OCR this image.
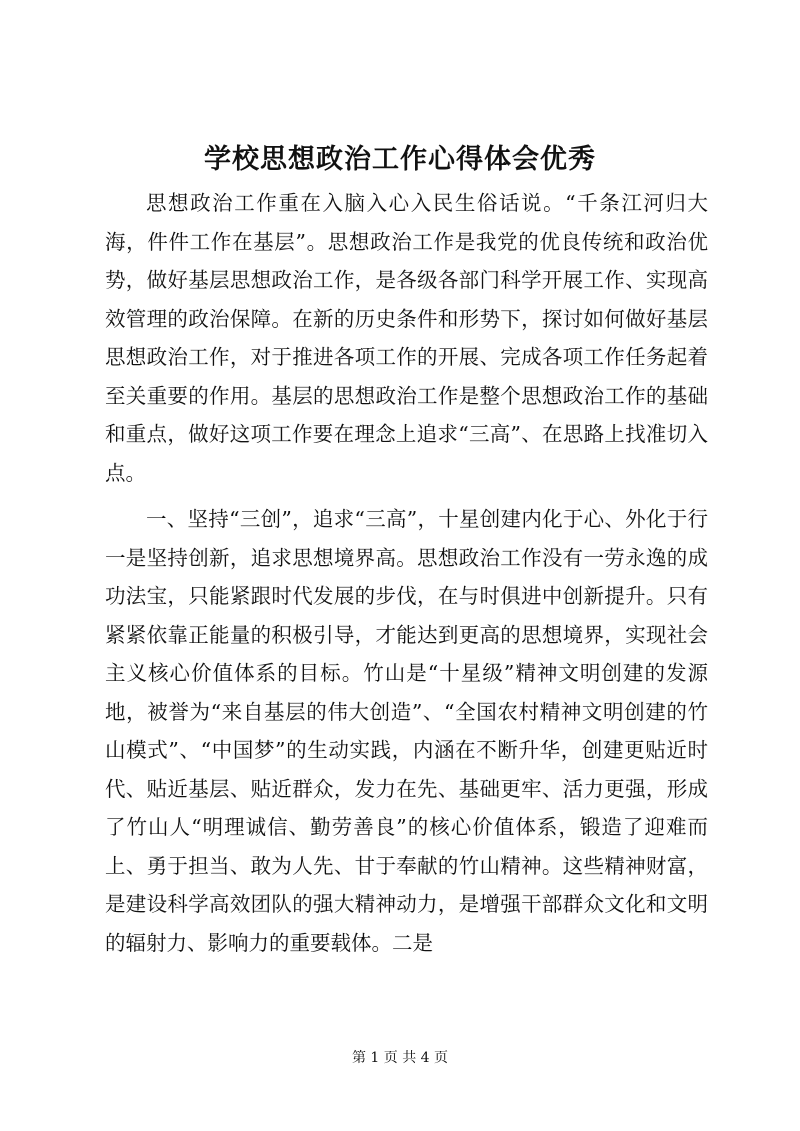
学校思想政治工作心得体会优秀

思想政治工作重在入脑入心入民生俗话说。“千条江河归大海，件件工作在基层”。思想政治工作是我党的优良传统和政治优势，做好基层思想政治工作，是各级各部门科学开展工作、实现高效管理的政治保障。在新的历史条件和形势下，探讨如何做好基层思想政治工作，对于推进各项工作的开展、完成各项工作任务起着至关重要的作用。基层的思想政治工作是整个思想政治工作的基础和重点，做好这项工作要在理念上追求“三高”、在思路上找准切入点。

一、坚持“三创”，追求“三高”，十星创建内化于心、外化于行一是坚持创新，追求思想境界高。思想政治工作没有一劳永逸的成功法宝，只能紧跟时代发展的步伐，在与时俱进中创新提升。只有紧紧依靠正能量的积极引导，才能达到更高的思想境界，实现社会主义核心价值体系的目标。竹山是“十星级”精神文明创建的发源地，被誉为“来自基层的伟大创造”、“全国农村精神文明创建的竹山模式”、“中国梦”的生动实践，内涵在不断升华，创建更贴近时代、贴近基层、贴近群众，发力在先、基础更牢、活力更强，形成了竹山人“明理诚信、勤劳善良”的核心价值体系，锻造了迎难而上、勇于担当、敢为人先、甘于奉献的竹山精神。这些精神财富，是建设科学高效团队的强大精神动力，是增强干部群众文化和文明的辐射力、影响力的重要载体。二是

第 1 页 共 4 页
